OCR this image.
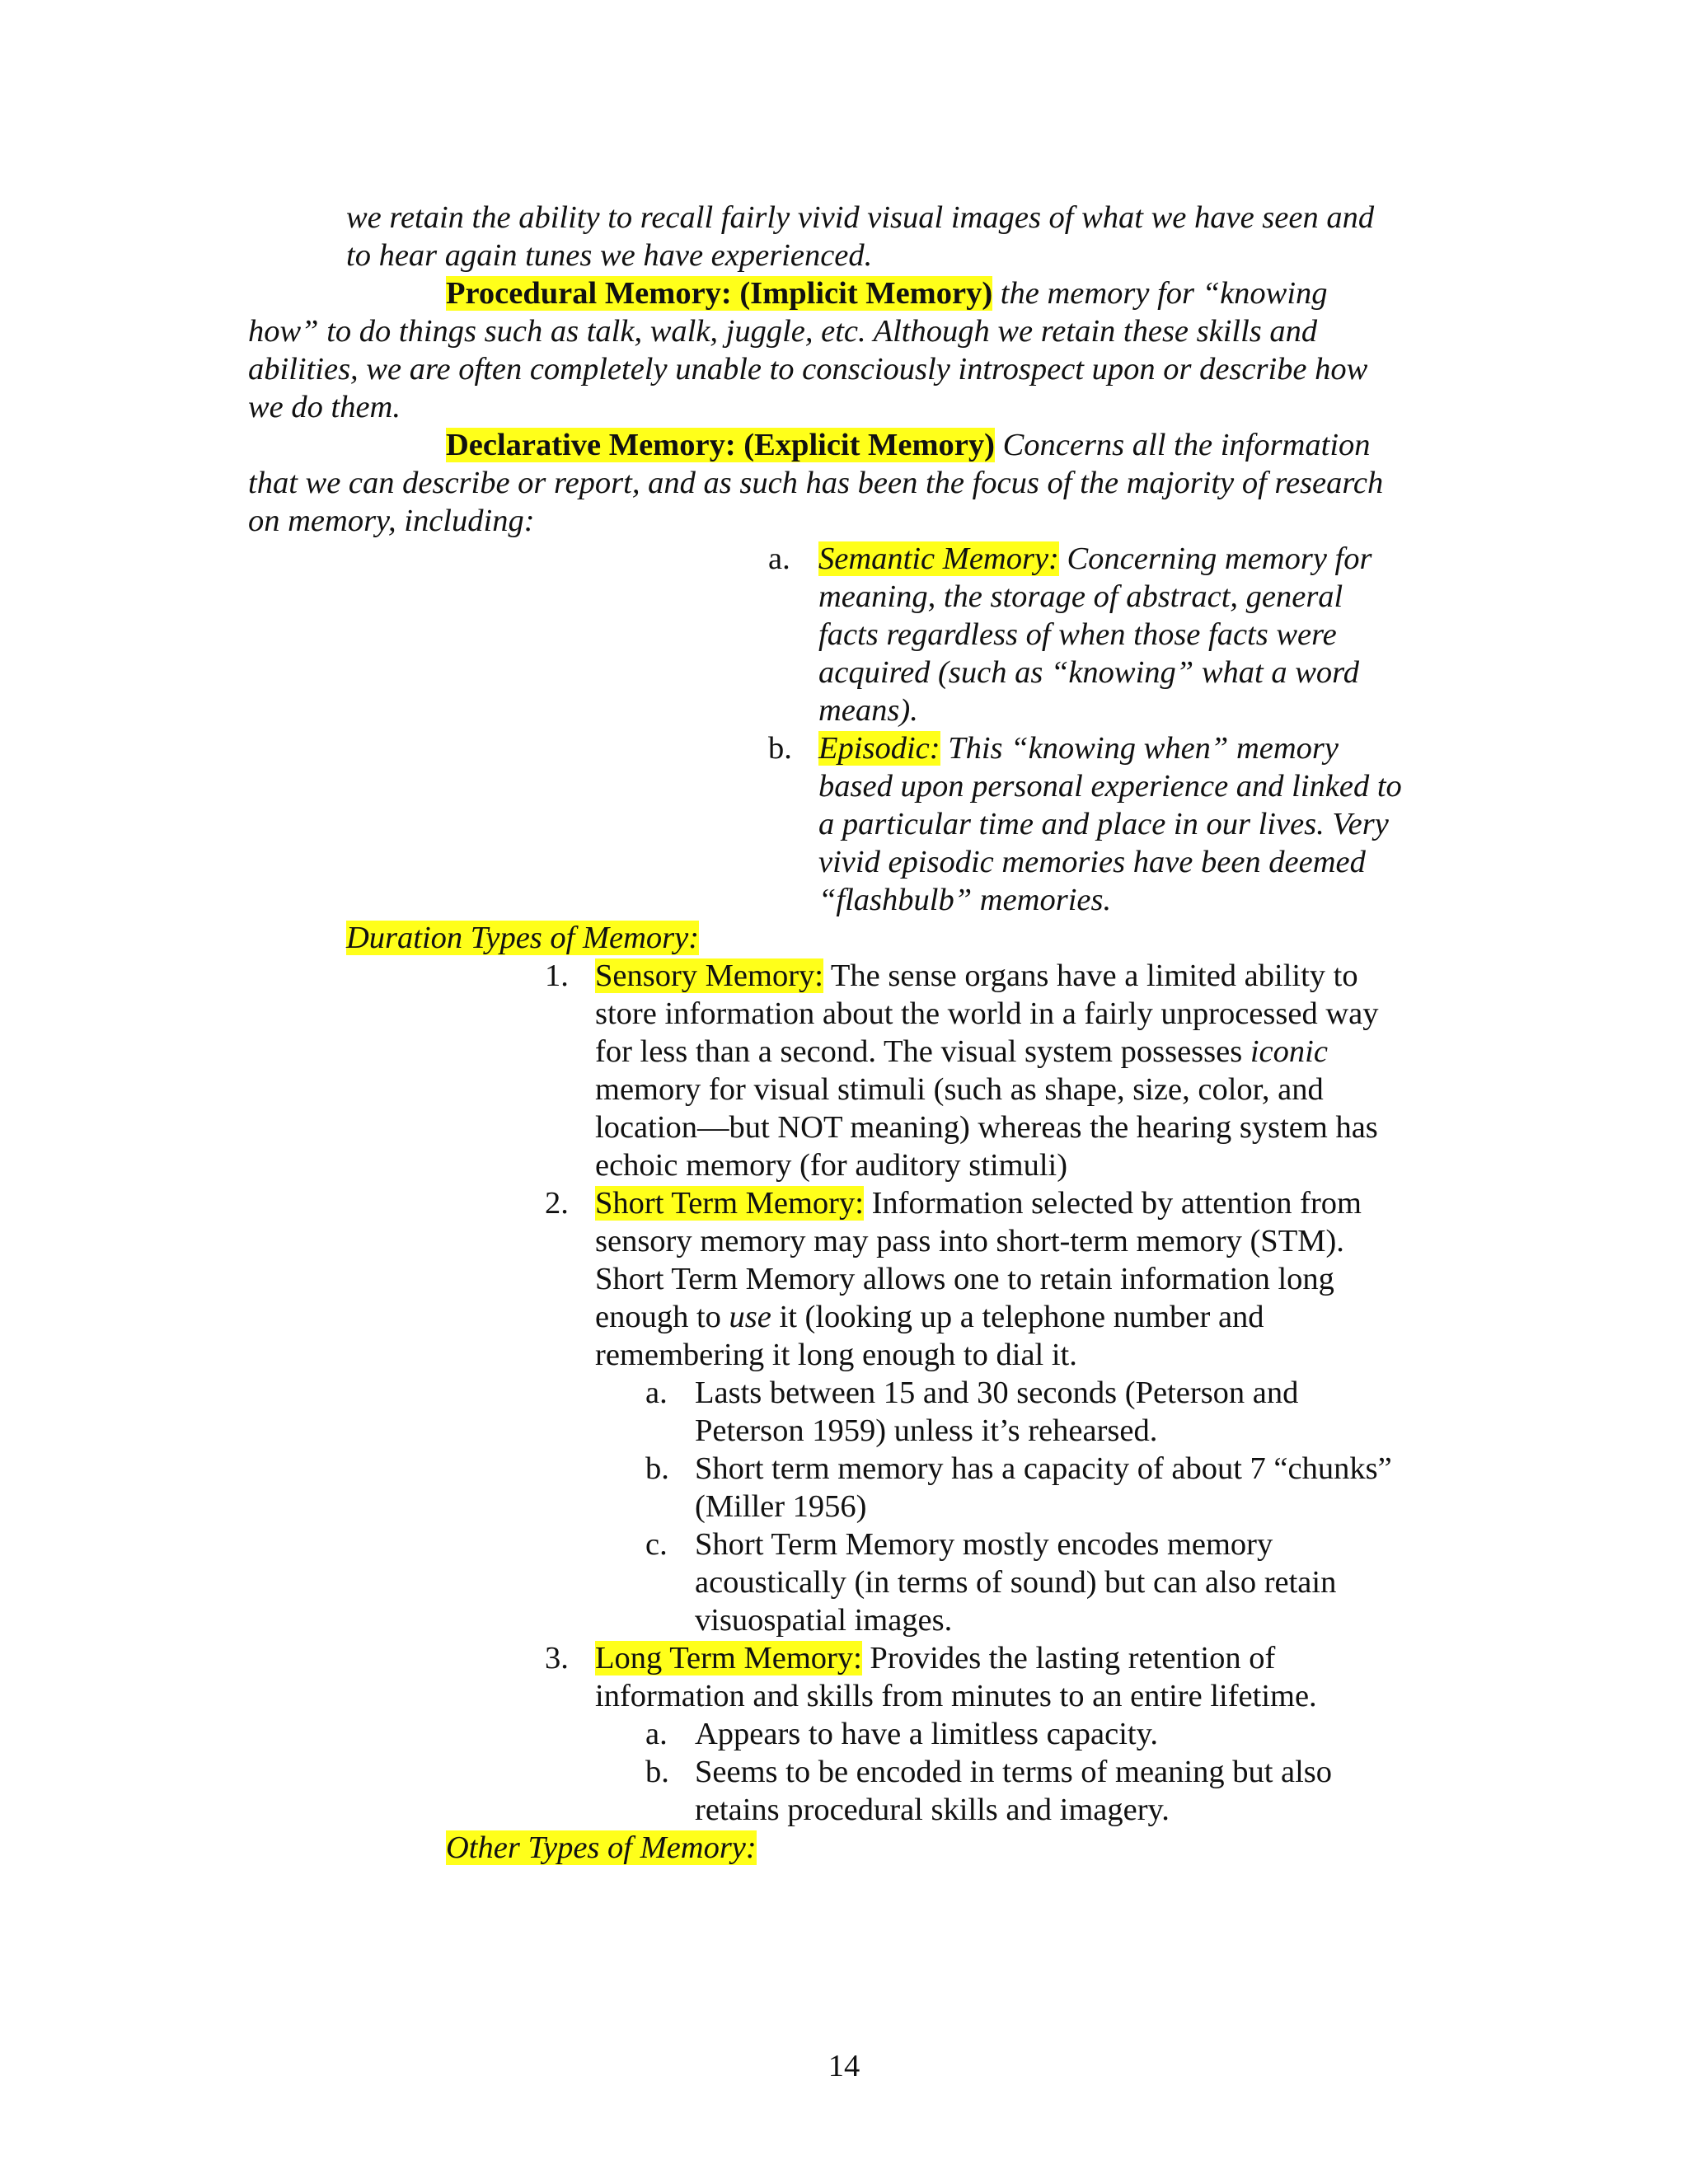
we retain the ability to recall fairly vivid visual images of what we have seen and
to hear again tunes we have experienced.
Procedural Memory: (Implicit Memory) the memory for “knowing
how” to do things such as talk, walk, juggle, etc. Although we retain these skills and
abilities, we are often completely unable to consciously introspect upon or describe how
we do them.
Declarative Memory: (Explicit Memory) Concerns all the information
that we can describe or report, and as such has been the focus of the majority of research
on memory, including:
a. Semantic Memory: Concerning memory for
meaning, the storage of abstract, general
facts regardless of when those facts were
acquired (such as “knowing” what a word
means).
b. Episodic: This “knowing when” memory
based upon personal experience and linked to
a particular time and place in our lives. Very
vivid episodic memories have been deemed
“flashbulb” memories.
Duration Types of Memory:
1. Sensory Memory: The sense organs have a limited ability to
store information about the world in a fairly unprocessed way
for less than a second. The visual system possesses iconic
memory for visual stimuli (such as shape, size, color, and
location—but NOT meaning) whereas the hearing system has
echoic memory (for auditory stimuli)
2. Short Term Memory: Information selected by attention from
sensory memory may pass into short-term memory (STM).
Short Term Memory allows one to retain information long
enough to use it (looking up a telephone number and
remembering it long enough to dial it.
a. Lasts between 15 and 30 seconds (Peterson and
Peterson 1959) unless it’s rehearsed.
b. Short term memory has a capacity of about 7 “chunks”
(Miller 1956)
c. Short Term Memory mostly encodes memory
acoustically (in terms of sound) but can also retain
visuospatial images.
3. Long Term Memory: Provides the lasting retention of
information and skills from minutes to an entire lifetime.
a. Appears to have a limitless capacity.
b. Seems to be encoded in terms of meaning but also
retains procedural skills and imagery.
Other Types of Memory:
14
